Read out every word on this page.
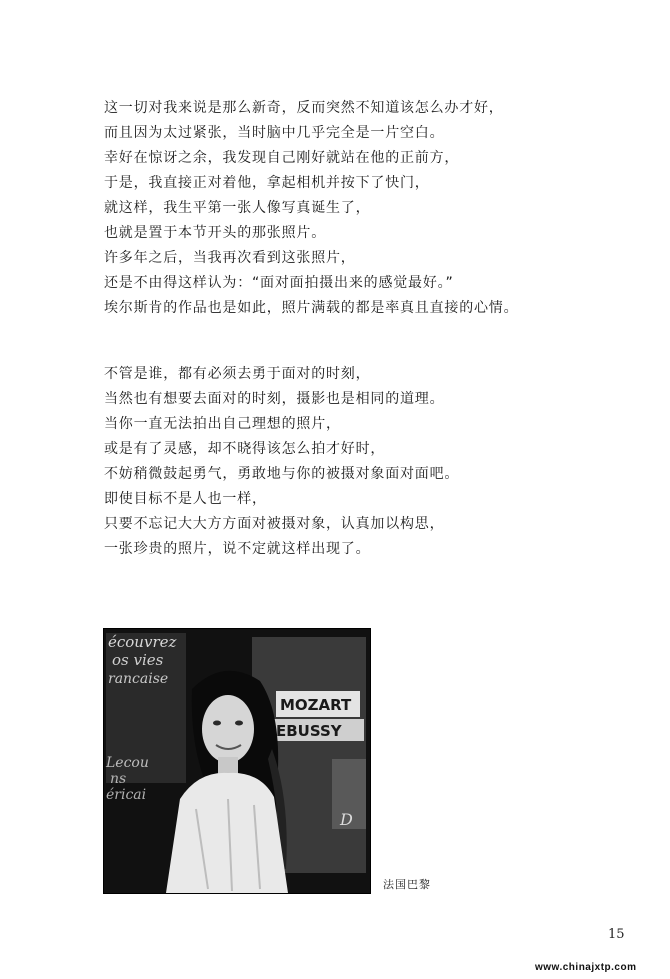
这一切对我来说是那么新奇，反而突然不知道该怎么办才好，
而且因为太过紧张，当时脑中几乎完全是一片空白。
幸好在惊讶之余，我发现自己刚好就站在他的正前方，
于是，我直接正对着他，拿起相机并按下了快门，
就这样，我生平第一张人像写真诞生了，
也就是置于本节开头的那张照片。
许多年之后，当我再次看到这张照片，
还是不由得这样认为：“面对面拍摄出来的感觉最好。”
埃尔斯肯的作品也是如此，照片满载的都是率真且直接的心情。
不管是谁，都有必须去勇于面对的时刻，
当然也有想要去面对的时刻，摄影也是相同的道理。
当你一直无法拍出自己理想的照片，
或是有了灵感，却不晓得该怎么拍才好时，
不妨稍微鼓起勇气，勇敢地与你的被摄对象面对面吧。
即使目标不是人也一样，
只要不忘记大大方方面对被摄对象，认真加以构思，
一张珍贵的照片，说不定就这样出现了。
écouvrez
os vies
rancaise
MOZART
EBUSSY
Lecou
ns
éricai
D
法国巴黎
15
www.chinajxtp.com
